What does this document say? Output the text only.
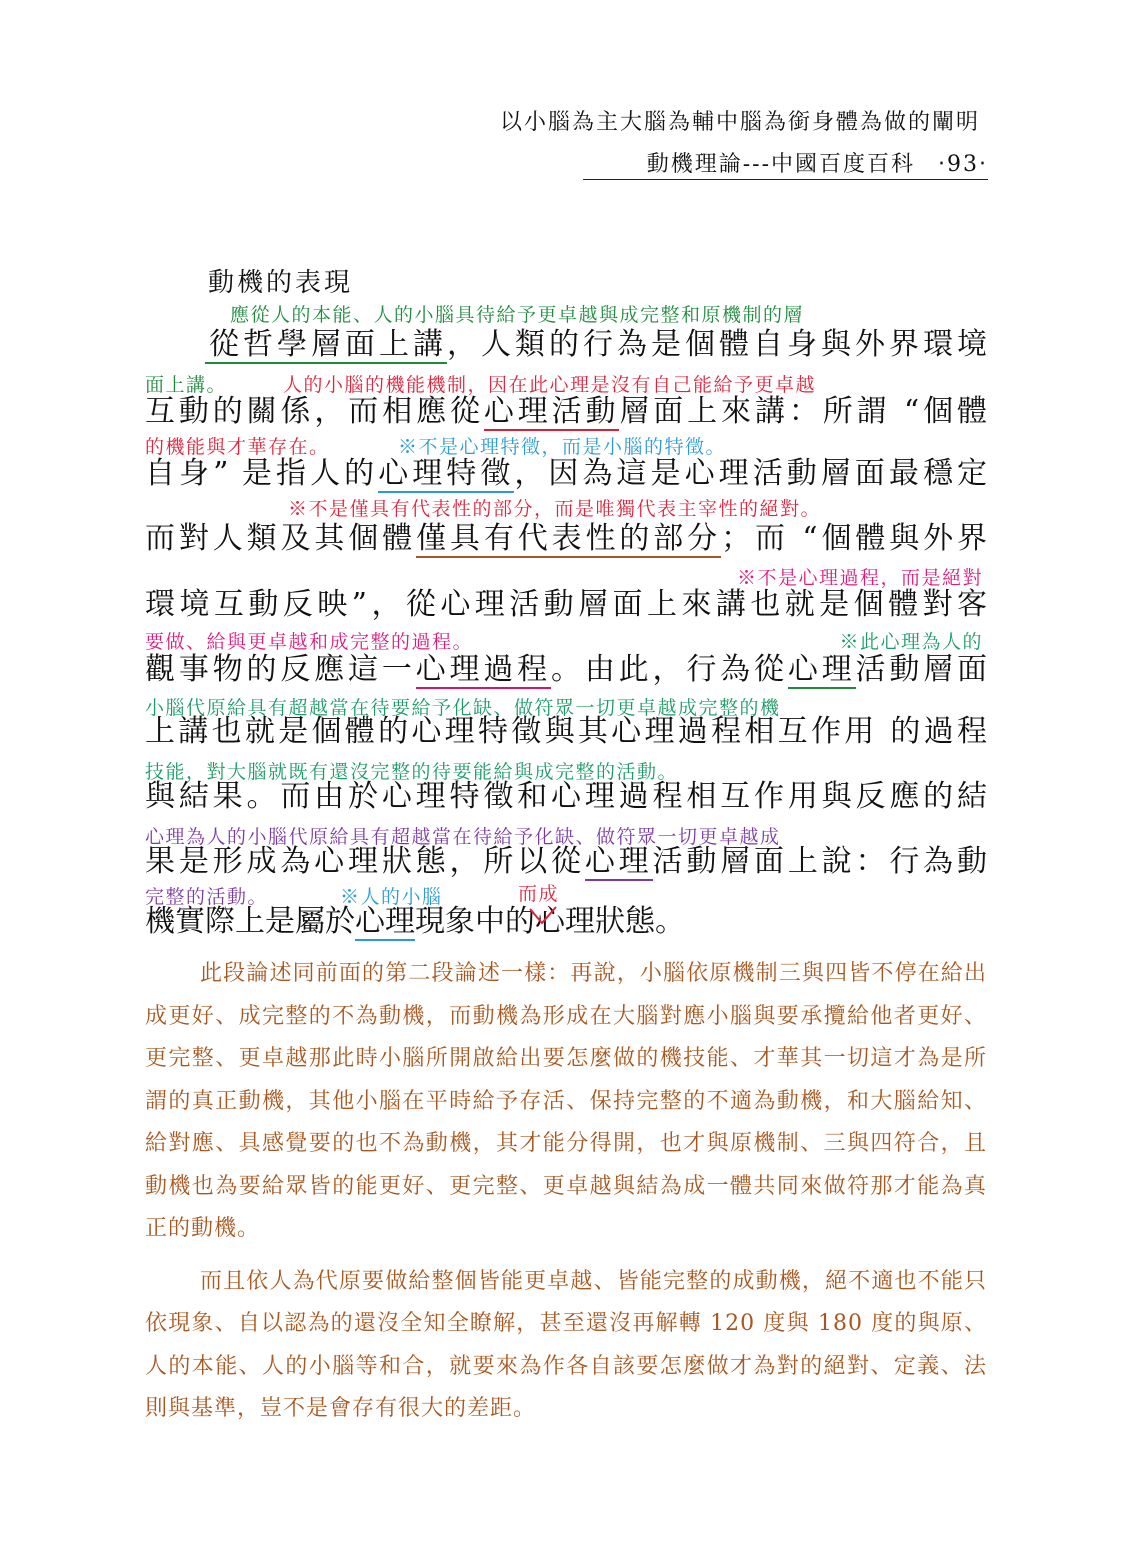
以小腦為主大腦為輔中腦為銜身體為做的闡明
動機理論---中國百度百科 ‧93‧
動機的表現
應從人的本能、人的小腦具待給予更卓越與成完整和原機制的層
從哲學層面上講，人類的行為是個體自身與外界環境
面上講。	人的小腦的機能機制，因在此心理是沒有自己能給予更卓越
互動的關係，而相應從心理活動層面上來講：所謂 “個體
的機能與才華存在。	※不是心理特徵，而是小腦的特徵。
自身” 是指人的心理特徵，因為這是心理活動層面最穩定
※不是僅具有代表性的部分，而是唯獨代表主宰性的絕對。
而對人類及其個體僅具有代表性的部分；而 “個體與外界
※不是心理過程，而是絕對
環境互動反映”，從心理活動層面上來講也就是個體對客
要做、給與更卓越和成完整的過程。	※此心理為人的
觀事物的反應這一心理過程。由此，行為從心理活動層面
小腦代原給具有超越當在待要給予化缺、做符眾一切更卓越成完整的機
上講也就是個體的心理特徵與其心理過程相互作用 的過程
技能，對大腦就既有還沒完整的待要能給與成完整的活動。
與結果。而由於心理特徵和心理過程相互作用與反應的結
心理為人的小腦代原給具有超越當在待給予化缺、做符眾一切更卓越成
果是形成為心理狀態，所以從心理活動層面上說：行為動
完整的活動。	※人的小腦	而成
機實際上是屬於心理現象中的心理狀態。

此段論述同前面的第二段論述一樣：再說，小腦依原機制三與四皆不停在給出成更好、成完整的不為動機，而動機為形成在大腦對應小腦與要承攬給他者更好、更完整、更卓越那此時小腦所開啟給出要怎麼做的機技能、才華其一切這才為是所謂的真正動機，其他小腦在平時給予存活、保持完整的不適為動機，和大腦給知、給對應、具感覺要的也不為動機，其才能分得開，也才與原機制、三與四符合，且動機也為要給眾皆的能更好、更完整、更卓越與結為成一體共同來做符那才能為真正的動機。

而且依人為代原要做給整個皆能更卓越、皆能完整的成動機，絕不適也不能只依現象、自以認為的還沒全知全瞭解，甚至還沒再解轉 120 度與 180 度的與原、人的本能、人的小腦等和合，就要來為作各自該要怎麼做才為對的絕對、定義、法則與基準，豈不是會存有很大的差距。
